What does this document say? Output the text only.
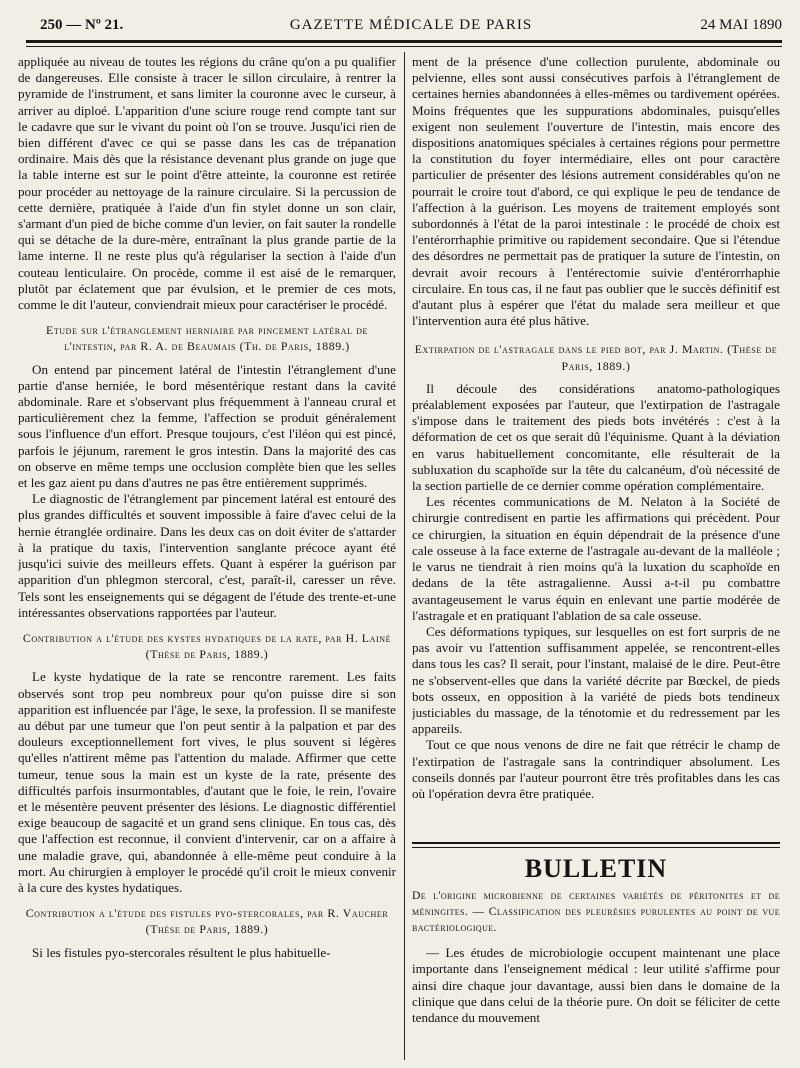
250 — Nº 21.	GAZETTE MÉDICALE DE PARIS	24 MAI 1890

appliquée au niveau de toutes les régions du crâne qu'on a pu qualifier de dangereuses. Elle consiste à tracer le sillon circulaire, à rentrer la pyramide de l'instrument, et sans limiter la couronne avec le curseur, à arriver au diploé. L'apparition d'une sciure rouge rend compte tant sur le cadavre que sur le vivant du point où l'on se trouve. Jusqu'ici rien de bien différent d'avec ce qui se passe dans les cas de trépanation ordinaire. Mais dès que la résistance devenant plus grande on juge que la table interne est sur le point d'être atteinte, la couronne est retirée pour procéder au nettoyage de la rainure circulaire. Si la percussion de cette dernière, pratiquée à l'aide d'un fin stylet donne un son clair, s'armant d'un pied de biche comme d'un levier, on fait sauter la rondelle qui se détache de la dure-mère, entraînant la plus grande partie de la lame interne. Il ne reste plus qu'à régulariser la section à l'aide d'un couteau lenticulaire. On procède, comme il est aisé de le remarquer, plutôt par éclatement que par évulsion, et le premier de ces mots, comme le dit l'auteur, conviendrait mieux pour caractériser le procédé.

Etude sur l'étranglement herniaire par pincement latéral de l'intestin, par R. A. de Beaumais (Th. de Paris, 1889.)

On entend par pincement latéral de l'intestin l'étranglement d'une partie d'anse herniée, le bord mésentérique restant dans la cavité abdominale. Rare et s'observant plus fréquemment à l'anneau crural et particulièrement chez la femme, l'affection se produit généralement sous l'influence d'un effort. Presque toujours, c'est l'iléon qui est pincé, parfois le jéjunum, rarement le gros intestin. Dans la majorité des cas on observe en même temps une occlusion complète bien que les selles et les gaz aient pu dans d'autres ne pas être entièrement supprimés.

Le diagnostic de l'étranglement par pincement latéral est entouré des plus grandes difficultés et souvent impossible à faire d'avec celui de la hernie étranglée ordinaire. Dans les deux cas on doit éviter de s'attarder à la pratique du taxis, l'intervention sanglante précoce ayant été jusqu'ici suivie des meilleurs effets. Quant à espérer la guérison par apparition d'un phlegmon stercoral, c'est, paraît-il, caresser un rêve. Tels sont les enseignements qui se dégagent de l'étude des trente-et-une intéressantes observations rapportées par l'auteur.

Contribution a l'étude des kystes hydatiques de la rate, par H. Lainé (Thèse de Paris, 1889.)

Le kyste hydatique de la rate se rencontre rarement. Les faits observés sont trop peu nombreux pour qu'on puisse dire si son apparition est influencée par l'âge, le sexe, la profession. Il se manifeste au début par une tumeur que l'on peut sentir à la palpation et par des douleurs exceptionnellement fort vives, le plus souvent si légères qu'elles n'attirent même pas l'attention du malade. Affirmer que cette tumeur, tenue sous la main est un kyste de la rate, présente des difficultés parfois insurmontables, d'autant que le foie, le rein, l'ovaire et le mésentère peuvent présenter des lésions. Le diagnostic différentiel exige beaucoup de sagacité et un grand sens clinique. En tous cas, dès que l'affection est reconnue, il convient d'intervenir, car on a affaire à une maladie grave, qui, abandonnée à elle-même peut conduire à la mort. Au chirurgien à employer le procédé qu'il croit le mieux convenir à la cure des kystes hydatiques.

Contribution a l'étude des fistules pyo-stercorales, par R. Vaucher (Thèse de Paris, 1889.)

Si les fistules pyo-stercorales résultent le plus habituelle-

ment de la présence d'une collection purulente, abdominale ou pelvienne, elles sont aussi consécutives parfois à l'étranglement de certaines hernies abandonnées à elles-mêmes ou tardivement opérées. Moins fréquentes que les suppurations abdominales, puisqu'elles exigent non seulement l'ouverture de l'intestin, mais encore des dispositions anatomiques spéciales à certaines régions pour permettre la constitution du foyer intermédiaire, elles ont pour caractère particulier de présenter des lésions autrement considérables qu'on ne pourrait le croire tout d'abord, ce qui explique le peu de tendance de l'affection à la guérison. Les moyens de traitement employés sont subordonnés à l'état de la paroi intestinale : le procédé de choix est l'entérorrhaphie primitive ou rapidement secondaire. Que si l'étendue des désordres ne permettait pas de pratiquer la suture de l'intestin, on devrait avoir recours à l'entérectomie suivie d'entérorrhaphie circulaire. En tous cas, il ne faut pas oublier que le succès définitif est d'autant plus à espérer que l'état du malade sera meilleur et que l'intervention aura été plus hâtive.

Extirpation de l'astragale dans le pied bot, par J. Martin. (Thèse de Paris, 1889.)

Il découle des considérations anatomo-pathologiques préalablement exposées par l'auteur, que l'extirpation de l'astragale s'impose dans le traitement des pieds bots invétérés : c'est à la déformation de cet os que serait dû l'équinisme. Quant à la déviation en varus habituellement concomitante, elle résulterait de la subluxation du scaphoïde sur la tête du calcanéum, d'où nécessité de la section partielle de ce dernier comme opération complémentaire.

Les récentes communications de M. Nelaton à la Société de chirurgie contredisent en partie les affirmations qui précèdent. Pour ce chirurgien, la situation en équin dépendrait de la présence d'une cale osseuse à la face externe de l'astragale au-devant de la malléole ; le varus ne tiendrait à rien moins qu'à la luxation du scaphoïde en dedans de la tête astragalienne. Aussi a-t-il pu combattre avantageusement le varus équin en enlevant une partie modérée de l'astragale et en pratiquant l'ablation de sa cale osseuse.

Ces déformations typiques, sur lesquelles on est fort surpris de ne pas avoir vu l'attention suffisamment appelée, se rencontrent-elles dans tous les cas? Il serait, pour l'instant, malaisé de le dire. Peut-être ne s'observent-elles que dans la variété décrite par Bœckel, de pieds bots osseux, en opposition à la variété de pieds bots tendineux justiciables du massage, de la ténotomie et du redressement par les appareils.

Tout ce que nous venons de dire ne fait que rétrécir le champ de l'extirpation de l'astragale sans la contrindiquer absolument. Les conseils donnés par l'auteur pourront être très profitables dans les cas où l'opération devra être pratiquée.

BULLETIN
De l'origine microbienne de certaines variétés de péritonites et de méningites. — Classification des pleurésies purulentes au point de vue bactériologique.

— Les études de microbiologie occupent maintenant une place importante dans l'enseignement médical : leur utilité s'affirme pour ainsi dire chaque jour davantage, aussi bien dans le domaine de la clinique que dans celui de la théorie pure. On doit se féliciter de cette tendance du mouvement
